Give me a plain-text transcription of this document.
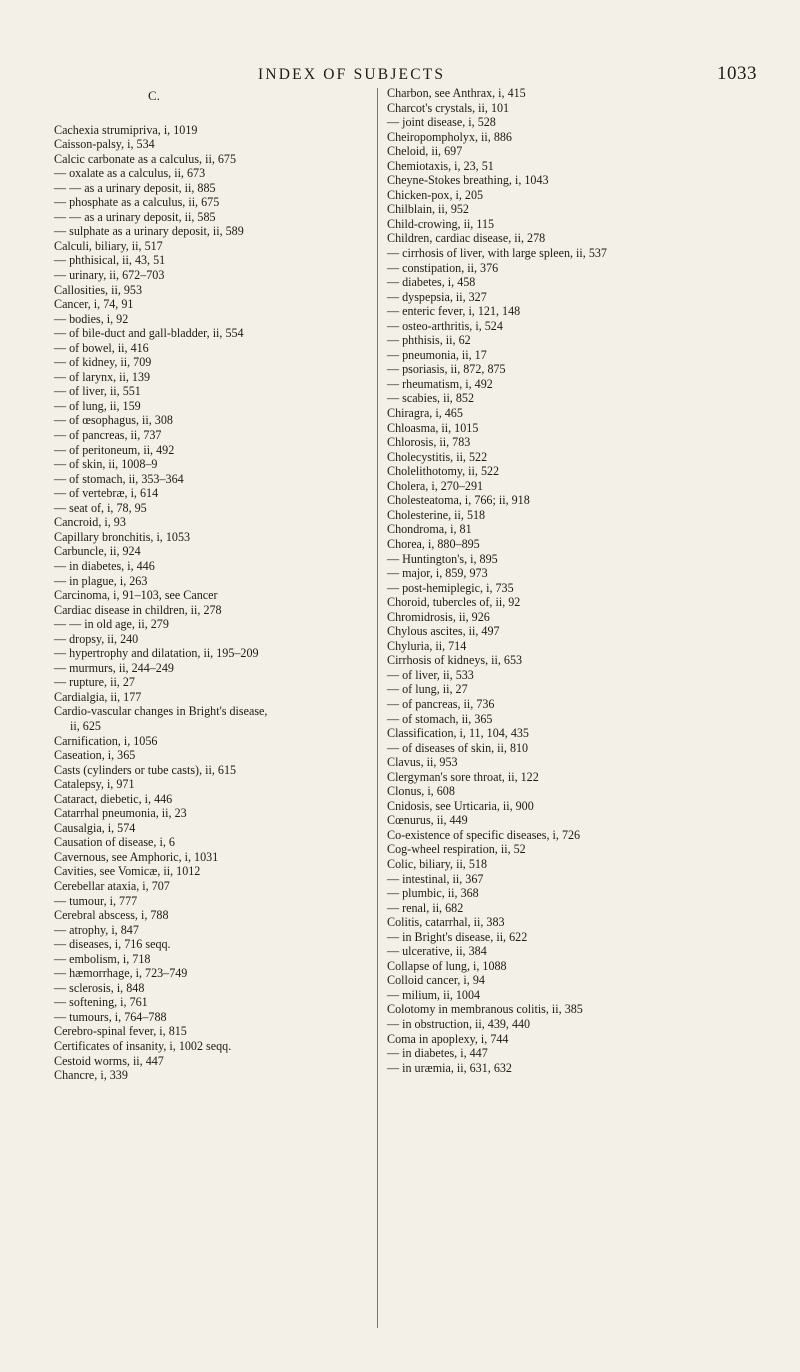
INDEX OF SUBJECTS	1033
C.
Cachexia strumipriva, i, 1019
Caisson-palsy, i, 534
Calcic carbonate as a calculus, ii, 675
— oxalate as a calculus, ii, 673
— — as a urinary deposit, ii, 885
— phosphate as a calculus, ii, 675
— — as a urinary deposit, ii, 585
— sulphate as a urinary deposit, ii, 589
Calculi, biliary, ii, 517
— phthisical, ii, 43, 51
— urinary, ii, 672–703
Callosities, ii, 953
Cancer, i, 74, 91
— bodies, i, 92
— of bile-duct and gall-bladder, ii, 554
— of bowel, ii, 416
— of kidney, ii, 709
— of larynx, ii, 139
— of liver, ii, 551
— of lung, ii, 159
— of œsophagus, ii, 308
— of pancreas, ii, 737
— of peritoneum, ii, 492
— of skin, ii, 1008–9
— of stomach, ii, 353–364
— of vertebræ, i, 614
— seat of, i, 78, 95
Cancroid, i, 93
Capillary bronchitis, i, 1053
Carbuncle, ii, 924
— in diabetes, i, 446
— in plague, i, 263
Carcinoma, i, 91–103, see Cancer
Cardiac disease in children, ii, 278
— — in old age, ii, 279
— dropsy, ii, 240
— hypertrophy and dilatation, ii, 195–209
— murmurs, ii, 244–249
— rupture, ii, 27
Cardialgia, ii, 177
Cardio-vascular changes in Bright's disease,
ii, 625
Carnification, i, 1056
Caseation, i, 365
Casts (cylinders or tube casts), ii, 615
Catalepsy, i, 971
Cataract, diebetic, i, 446
Catarrhal pneumonia, ii, 23
Causalgia, i, 574
Causation of disease, i, 6
Cavernous, see Amphoric, i, 1031
Cavities, see Vomicæ, ii, 1012
Cerebellar ataxia, i, 707
— tumour, i, 777
Cerebral abscess, i, 788
— atrophy, i, 847
— diseases, i, 716 seqq.
— embolism, i, 718
— hæmorrhage, i, 723–749
— sclerosis, i, 848
— softening, i, 761
— tumours, i, 764–788
Cerebro-spinal fever, i, 815
Certificates of insanity, i, 1002 seqq.
Cestoid worms, ii, 447
Chancre, i, 339
Charbon, see Anthrax, i, 415
Charcot's crystals, ii, 101
— joint disease, i, 528
Cheiropompholyx, ii, 886
Cheloid, ii, 697
Chemiotaxis, i, 23, 51
Cheyne-Stokes breathing, i, 1043
Chicken-pox, i, 205
Chilblain, ii, 952
Child-crowing, ii, 115
Children, cardiac disease, ii, 278
— cirrhosis of liver, with large spleen, ii, 537
— constipation, ii, 376
— diabetes, i, 458
— dyspepsia, ii, 327
— enteric fever, i, 121, 148
— osteo-arthritis, i, 524
— phthisis, ii, 62
— pneumonia, ii, 17
— psoriasis, ii, 872, 875
— rheumatism, i, 492
— scabies, ii, 852
Chiragra, i, 465
Chloasma, ii, 1015
Chlorosis, ii, 783
Cholecystitis, ii, 522
Cholelithotomy, ii, 522
Cholera, i, 270–291
Cholesteatoma, i, 766; ii, 918
Cholesterine, ii, 518
Chondroma, i, 81
Chorea, i, 880–895
— Huntington's, i, 895
— major, i, 859, 973
— post-hemiplegic, i, 735
Choroid, tubercles of, ii, 92
Chromidrosis, ii, 926
Chylous ascites, ii, 497
Chyluria, ii, 714
Cirrhosis of kidneys, ii, 653
— of liver, ii, 533
— of lung, ii, 27
— of pancreas, ii, 736
— of stomach, ii, 365
Classification, i, 11, 104, 435
— of diseases of skin, ii, 810
Clavus, ii, 953
Clergyman's sore throat, ii, 122
Clonus, i, 608
Cnidosis, see Urticaria, ii, 900
Cœnurus, ii, 449
Co-existence of specific diseases, i, 726
Cog-wheel respiration, ii, 52
Colic, biliary, ii, 518
— intestinal, ii, 367
— plumbic, ii, 368
— renal, ii, 682
Colitis, catarrhal, ii, 383
— in Bright's disease, ii, 622
— ulcerative, ii, 384
Collapse of lung, i, 1088
Colloid cancer, i, 94
— milium, ii, 1004
Colotomy in membranous colitis, ii, 385
— in obstruction, ii, 439, 440
Coma in apoplexy, i, 744
— in diabetes, i, 447
— in uræmia, ii, 631, 632
